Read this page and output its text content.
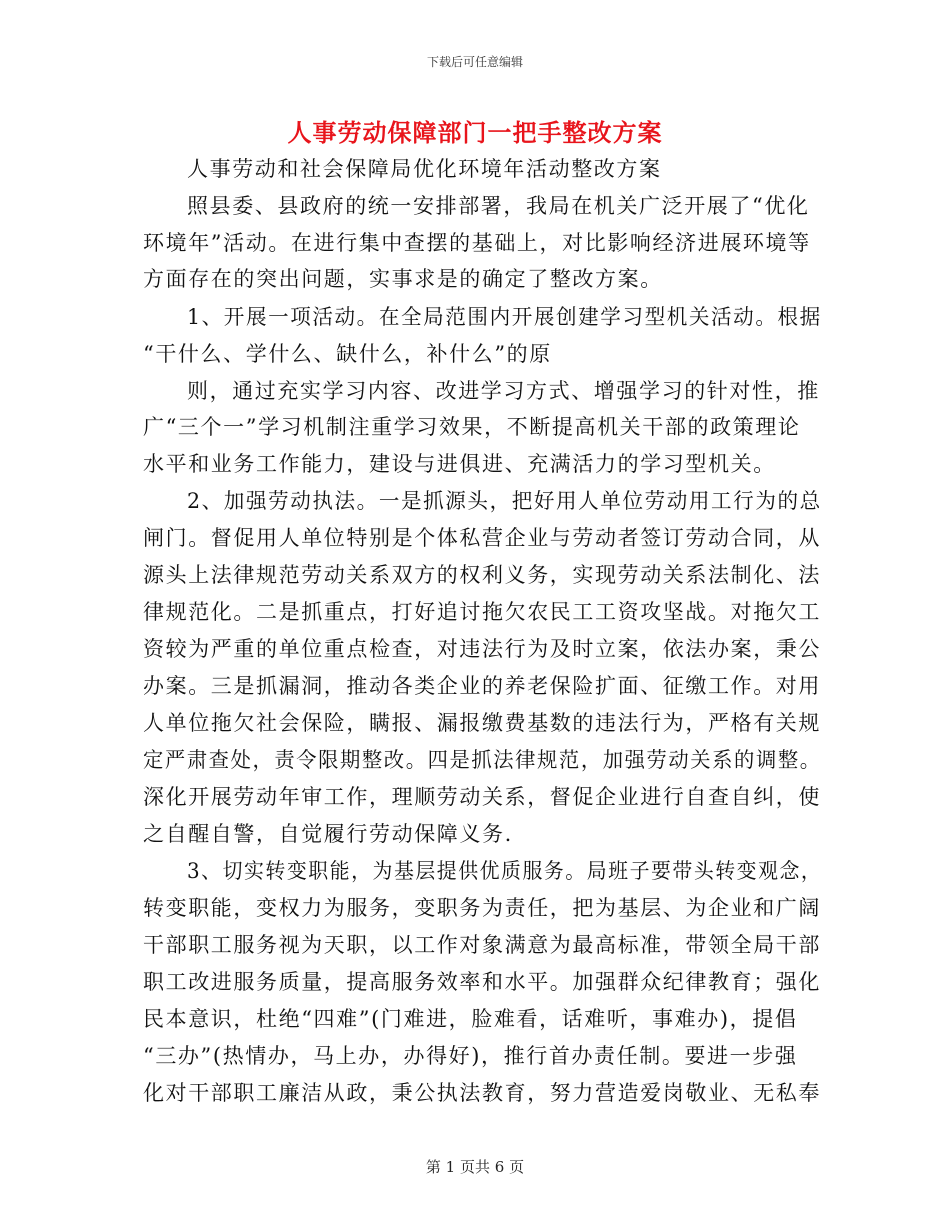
下载后可任意编辑
人事劳动保障部门一把手整改方案
人事劳动和社会保障局优化环境年活动整改方案
照县委、县政府的统一安排部署，我局在机关广泛开展了“优化
环境年”活动。在进行集中查摆的基础上，对比影响经济进展环境等
方面存在的突出问题，实事求是的确定了整改方案。
1、开展一项活动。在全局范围内开展创建学习型机关活动。根据
“干什么、学什么、缺什么，补什么”的原
则，通过充实学习内容、改进学习方式、增强学习的针对性，推
广“三个一”学习机制注重学习效果，不断提高机关干部的政策理论
水平和业务工作能力，建设与进俱进、充满活力的学习型机关。
2、加强劳动执法。一是抓源头，把好用人单位劳动用工行为的总
闸门。督促用人单位特别是个体私营企业与劳动者签订劳动合同，从
源头上法律规范劳动关系双方的权利义务，实现劳动关系法制化、法
律规范化。二是抓重点，打好追讨拖欠农民工工资攻坚战。对拖欠工
资较为严重的单位重点检查，对违法行为及时立案，依法办案，秉公
办案。三是抓漏洞，推动各类企业的养老保险扩面、征缴工作。对用
人单位拖欠社会保险，瞒报、漏报缴费基数的违法行为，严格有关规
定严肃查处，责令限期整改。四是抓法律规范，加强劳动关系的调整。
深化开展劳动年审工作，理顺劳动关系，督促企业进行自查自纠，使
之自醒自警，自觉履行劳动保障义务.
3、切实转变职能，为基层提供优质服务。局班子要带头转变观念，
转变职能，变权力为服务，变职务为责任，把为基层、为企业和广阔
干部职工服务视为天职，以工作对象满意为最高标准，带领全局干部
职工改进服务质量，提高服务效率和水平。加强群众纪律教育；强化
民本意识，杜绝“四难”(门难进，脸难看，话难听，事难办)，提倡
“三办”(热情办，马上办，办得好)，推行首办责任制。要进一步强
化对干部职工廉洁从政，秉公执法教育，努力营造爱岗敬业、无私奉
第 1 页共 6 页
